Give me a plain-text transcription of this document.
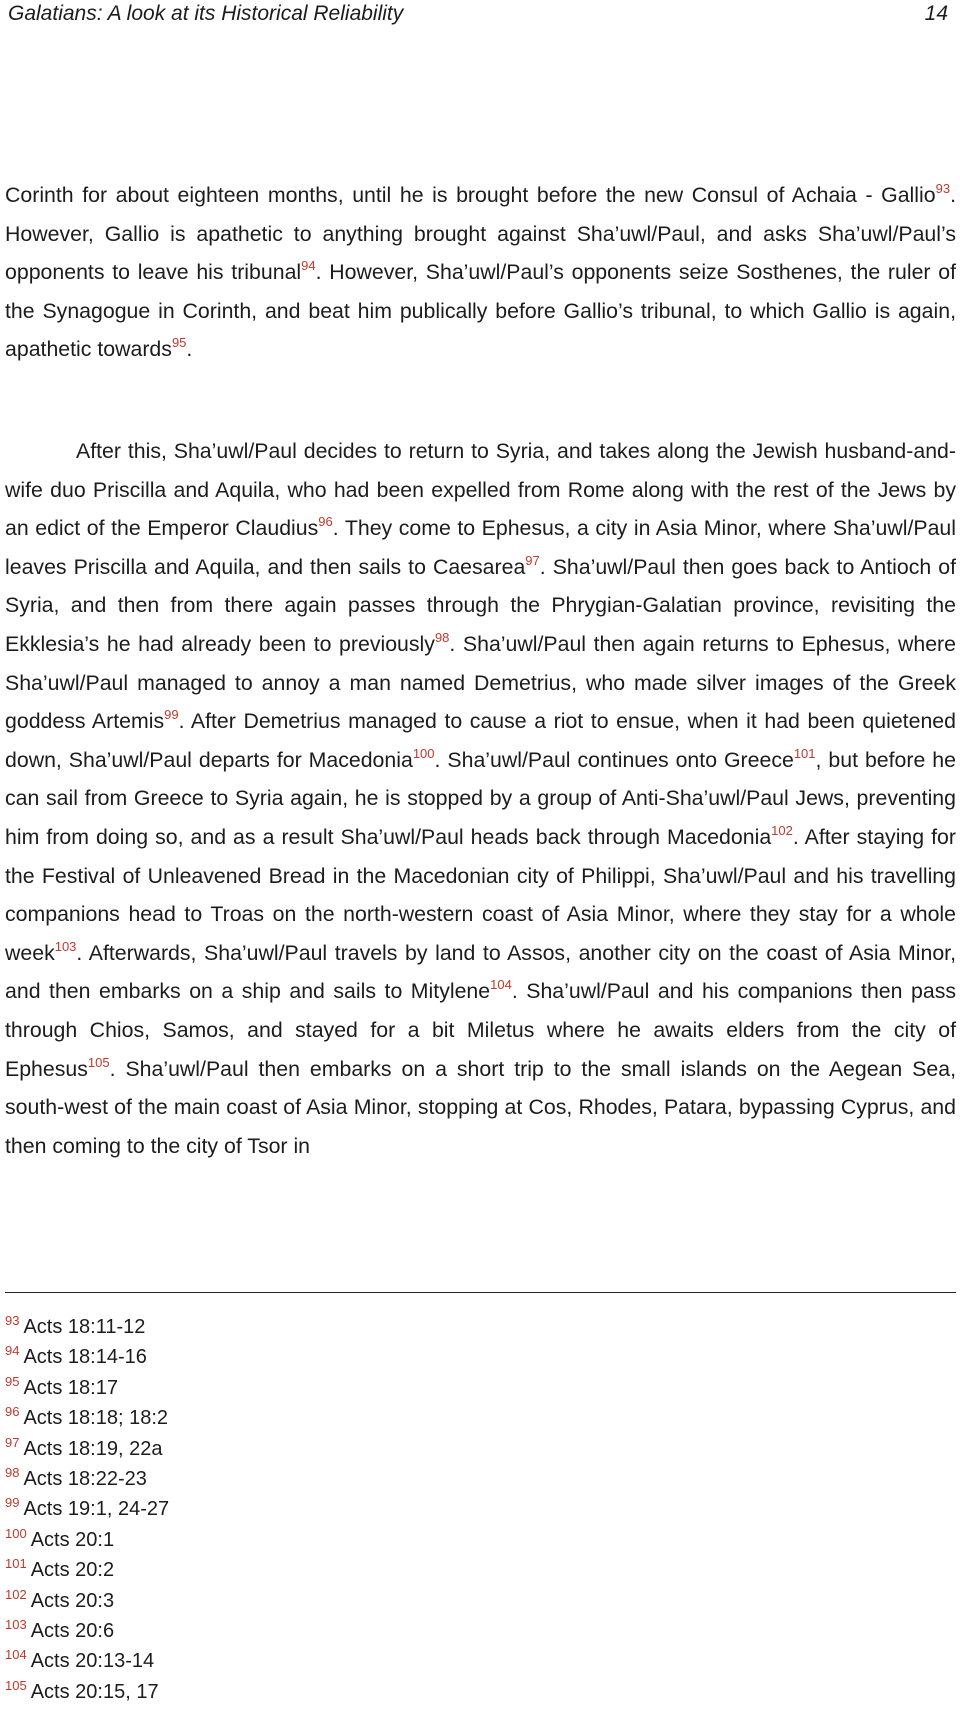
Galatians: A look at its Historical Reliability	14

Corinth for about eighteen months, until he is brought before the new Consul of Achaia - Gallio$^{93}$. However, Gallio is apathetic to anything brought against Sha’uwl/Paul, and asks Sha’uwl/Paul’s opponents to leave his tribunal$^{94}$. However, Sha’uwl/Paul’s opponents seize Sosthenes, the ruler of the Synagogue in Corinth, and beat him publically before Gallio’s tribunal, to which Gallio is again, apathetic towards$^{95}$.

After this, Sha’uwl/Paul decides to return to Syria, and takes along the Jewish husband-and-wife duo Priscilla and Aquila, who had been expelled from Rome along with the rest of the Jews by an edict of the Emperor Claudius$^{96}$. They come to Ephesus, a city in Asia Minor, where Sha’uwl/Paul leaves Priscilla and Aquila, and then sails to Caesarea$^{97}$. Sha’uwl/Paul then goes back to Antioch of Syria, and then from there again passes through the Phrygian-Galatian province, revisiting the Ekklesia’s he had already been to previously$^{98}$. Sha’uwl/Paul then again returns to Ephesus, where Sha’uwl/Paul managed to annoy a man named Demetrius, who made silver images of the Greek goddess Artemis$^{99}$. After Demetrius managed to cause a riot to ensue, when it had been quietened down, Sha’uwl/Paul departs for Macedonia$^{100}$. Sha’uwl/Paul continues onto Greece$^{101}$, but before he can sail from Greece to Syria again, he is stopped by a group of Anti-Sha’uwl/Paul Jews, preventing him from doing so, and as a result Sha’uwl/Paul heads back through Macedonia$^{102}$. After staying for the Festival of Unleavened Bread in the Macedonian city of Philippi, Sha’uwl/Paul and his travelling companions head to Troas on the north-western coast of Asia Minor, where they stay for a whole week$^{103}$. Afterwards, Sha’uwl/Paul travels by land to Assos, another city on the coast of Asia Minor, and then embarks on a ship and sails to Mitylene$^{104}$. Sha’uwl/Paul and his companions then pass through Chios, Samos, and stayed for a bit Miletus where he awaits elders from the city of Ephesus$^{105}$. Sha’uwl/Paul then embarks on a short trip to the small islands on the Aegean Sea, south-west of the main coast of Asia Minor, stopping at Cos, Rhodes, Patara, bypassing Cyprus, and then coming to the city of Tsor in

$^{93}$ Acts 18:11-12
$^{94}$ Acts 18:14-16
$^{95}$ Acts 18:17
$^{96}$ Acts 18:18; 18:2
$^{97}$ Acts 18:19, 22a
$^{98}$ Acts 18:22-23
$^{99}$ Acts 19:1, 24-27
$^{100}$ Acts 20:1
$^{101}$ Acts 20:2
$^{102}$ Acts 20:3
$^{103}$ Acts 20:6
$^{104}$ Acts 20:13-14
$^{105}$ Acts 20:15, 17
